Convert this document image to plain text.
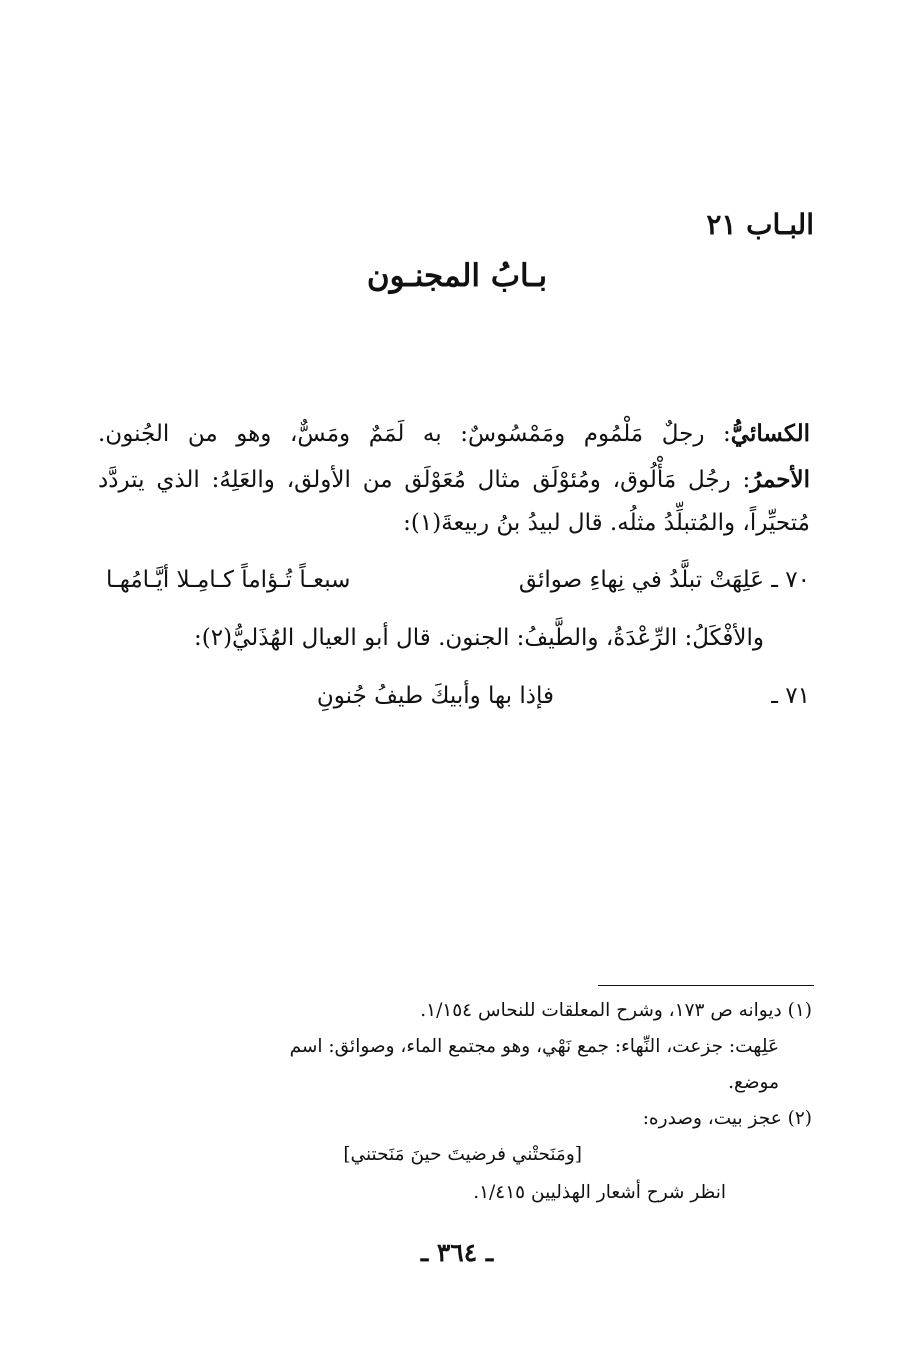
البـاب ٢١
بـابُ المجنـون
الكسائيُّ: رجلٌ مَلْمُوم ومَمْسُوسٌ: به لَمَمٌ ومَسٌّ، وهو من الجُنون.
الأحمرُ: رجُل مَأْلُوق، ومُئوْلَق مثال مُعَوْلَق من الأولق، والعَلِهُ: الذي يتردَّد
مُتحيِّراً، والمُتبلِّدُ مثلُه. قال لبيدُ بنُ ربيعةَ(١):
٧٠ ـ
عَلِهَتْ تبلَّدُ في نِهاءِ صوائق
سبعـاً تُـؤاماً كـامِـلا أيَّـامُهـا
والأفْكَلُ: الرِّعْدَةُ، والطَّيفُ: الجنون. قال أبو العيال الهُذَليُّ(٢):
٧١ ـ
فإذا بها وأبيكَ طيفُ جُنونِ
(١) ديوانه ص ١٧٣، وشرح المعلقات للنحاس ١/١٥٤.
عَلِهت: جزعت، النِّهاء: جمع نَهْي، وهو مجتمع الماء، وصوائق: اسم
موضع.
(٢) عجز بيت، وصدره:
[ومَنَحتْني فرضيتَ حينَ مَنَحتني]
انظر شرح أشعار الهذليين ١/٤١٥.
ـ ٣٦٤ ـ
